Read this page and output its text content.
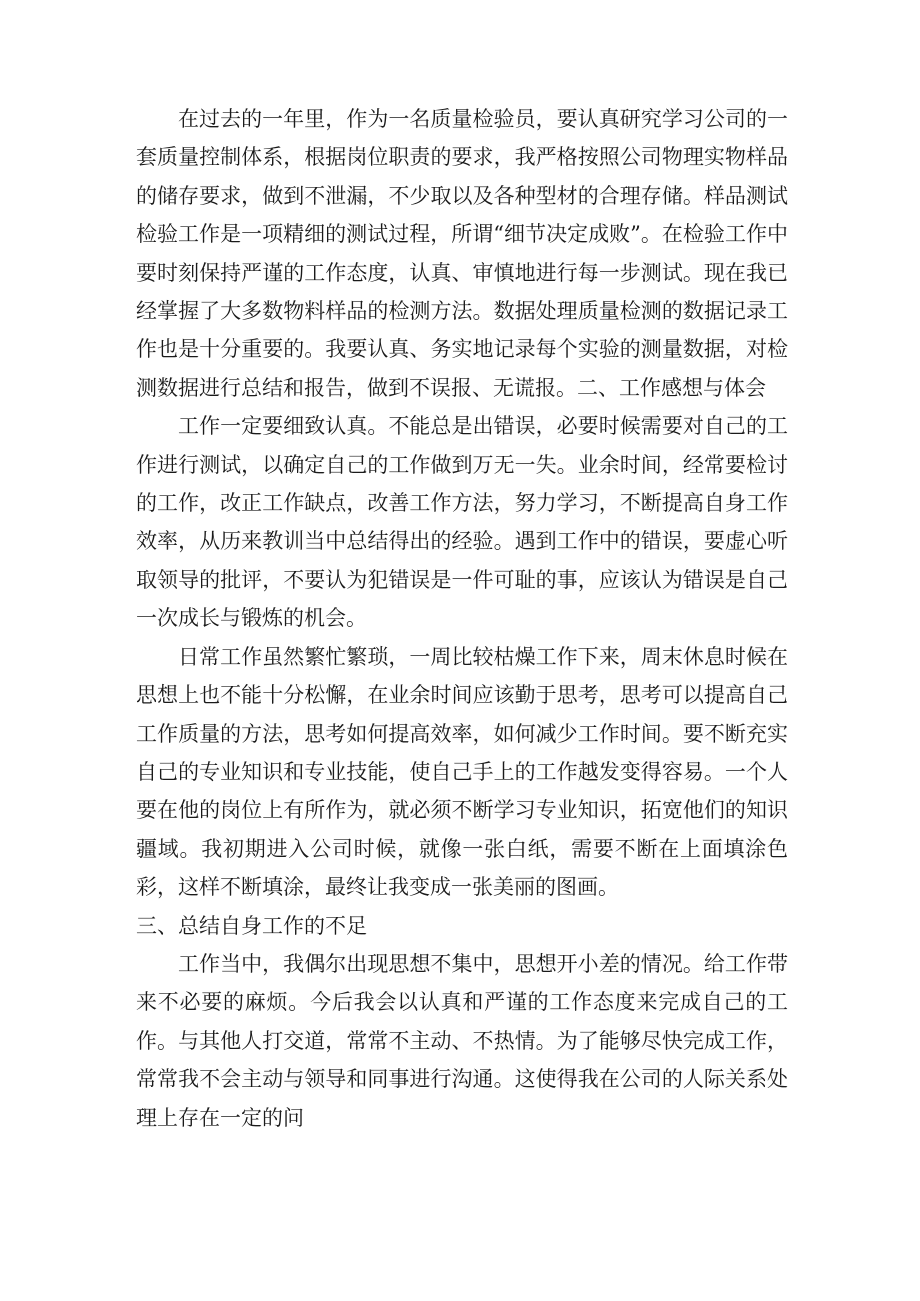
在过去的一年里，作为一名质量检验员，要认真研究学习公司的一套质量控制体系，根据岗位职责的要求，我严格按照公司物理实物样品的储存要求，做到不泄漏，不少取以及各种型材的合理存储。样品测试检验工作是一项精细的测试过程，所谓“细节决定成败”。在检验工作中要时刻保持严谨的工作态度，认真、审慎地进行每一步测试。现在我已经掌握了大多数物料样品的检测方法。数据处理质量检测的数据记录工作也是十分重要的。我要认真、务实地记录每个实验的测量数据，对检测数据进行总结和报告，做到不误报、无谎报。二、工作感想与体会

工作一定要细致认真。不能总是出错误，必要时候需要对自己的工作进行测试，以确定自己的工作做到万无一失。业余时间，经常要检讨的工作，改正工作缺点，改善工作方法，努力学习，不断提高自身工作效率，从历来教训当中总结得出的经验。遇到工作中的错误，要虚心听取领导的批评，不要认为犯错误是一件可耻的事，应该认为错误是自己一次成长与锻炼的机会。

日常工作虽然繁忙繁琐，一周比较枯燥工作下来，周末休息时候在思想上也不能十分松懈，在业余时间应该勤于思考，思考可以提高自己工作质量的方法，思考如何提高效率，如何减少工作时间。要不断充实自己的专业知识和专业技能，使自己手上的工作越发变得容易。一个人要在他的岗位上有所作为，就必须不断学习专业知识，拓宽他们的知识疆域。我初期进入公司时候，就像一张白纸，需要不断在上面填涂色彩，这样不断填涂，最终让我变成一张美丽的图画。

三、总结自身工作的不足

工作当中，我偶尔出现思想不集中，思想开小差的情况。给工作带来不必要的麻烦。今后我会以认真和严谨的工作态度来完成自己的工作。与其他人打交道，常常不主动、不热情。为了能够尽快完成工作，常常我不会主动与领导和同事进行沟通。这使得我在公司的人际关系处理上存在一定的问
